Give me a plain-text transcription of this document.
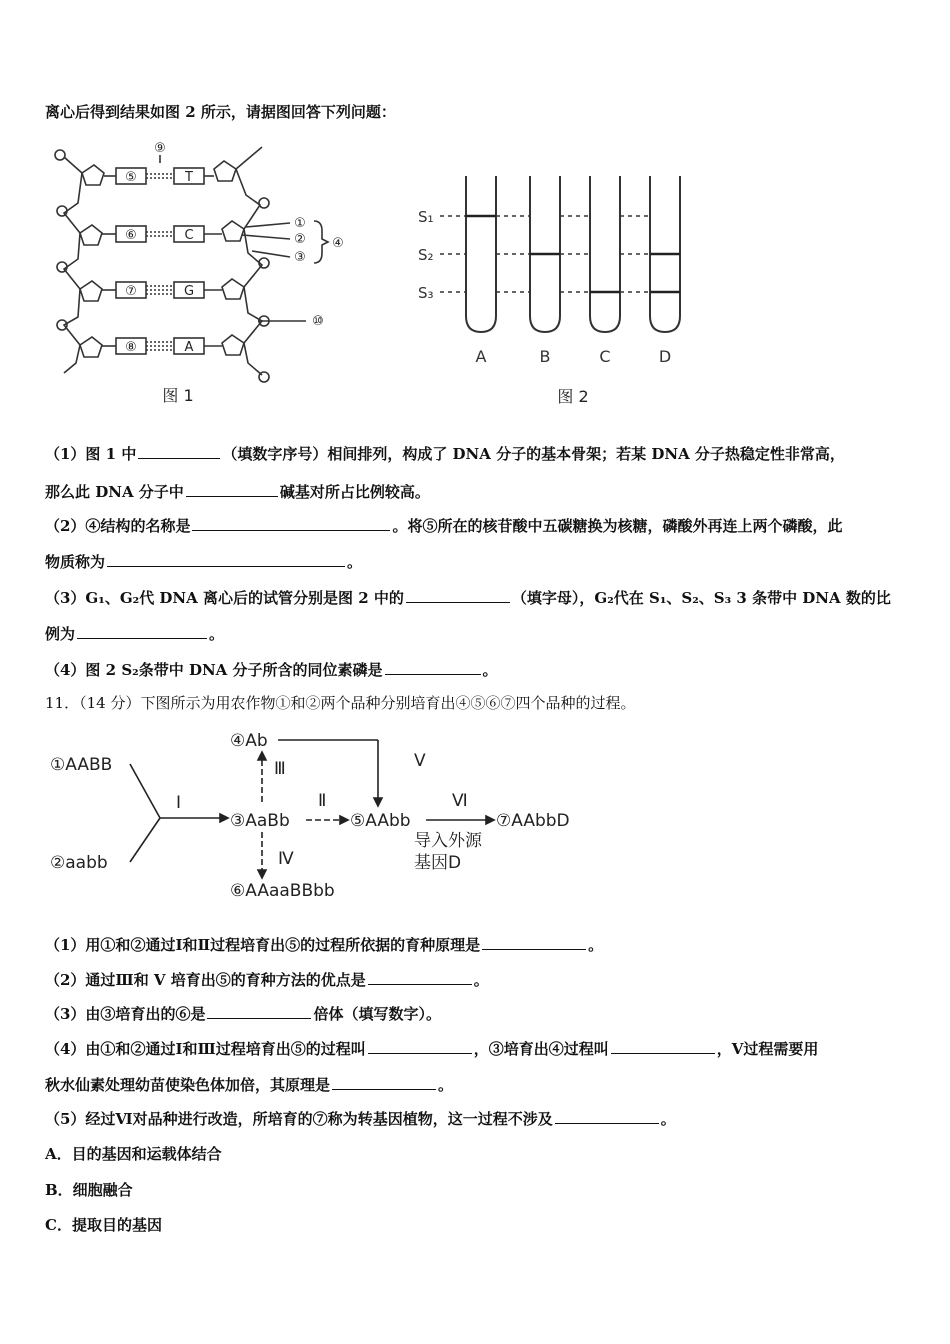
离心后得到结果如图 2 所示，请据图回答下列问题：
⑤	T
⑥	C
⑦	G
⑧	A
⑨
①
②
③
④
⑩
图 1
S₁
S₂
S₃
A	B	C	D
图 2
（1）图 1 中	（填数字序号）相间排列，构成了 DNA 分子的基本骨架；若某 DNA 分子热稳定性非常高，
那么此 DNA 分子中	碱基对所占比例较高。
（2）④结构的名称是	。将⑤所在的核苷酸中五碳糖换为核糖，磷酸外再连上两个磷酸，此
物质称为	。
（3）G₁、G₂代 DNA 离心后的试管分别是图 2 中的	（填字母），G₂代在 S₁、S₂、S₃ 3 条带中 DNA 数的比
例为	。
（4）图 2 S₂条带中 DNA 分子所含的同位素磷是	。
11．（14 分）下图所示为用农作物①和②两个品种分别培育出④⑤⑥⑦四个品种的过程。
①AABB
②aabb
③AaBb
④Ab
⑤AAbb
⑥AAaaBBbb
⑦AAbbD
Ⅰ	Ⅱ
Ⅲ
Ⅳ
Ⅴ
Ⅵ
导入外源
基因D
（1）用①和②通过Ⅰ和Ⅱ过程培育出⑤的过程所依据的育种原理是	。
（2）通过Ⅲ和 V 培育出⑤的育种方法的优点是	。
（3）由③培育出的⑥是	倍体（填写数字）。
（4）由①和②通过Ⅰ和Ⅲ过程培育出⑤的过程叫	，③培育出④过程叫	，Ⅴ过程需要用
秋水仙素处理幼苗使染色体加倍，其原理是	。
（5）经过Ⅵ对品种进行改造，所培育的⑦称为转基因植物，这一过程不涉及	。
A．目的基因和运载体结合
B．细胞融合
C．提取目的基因
